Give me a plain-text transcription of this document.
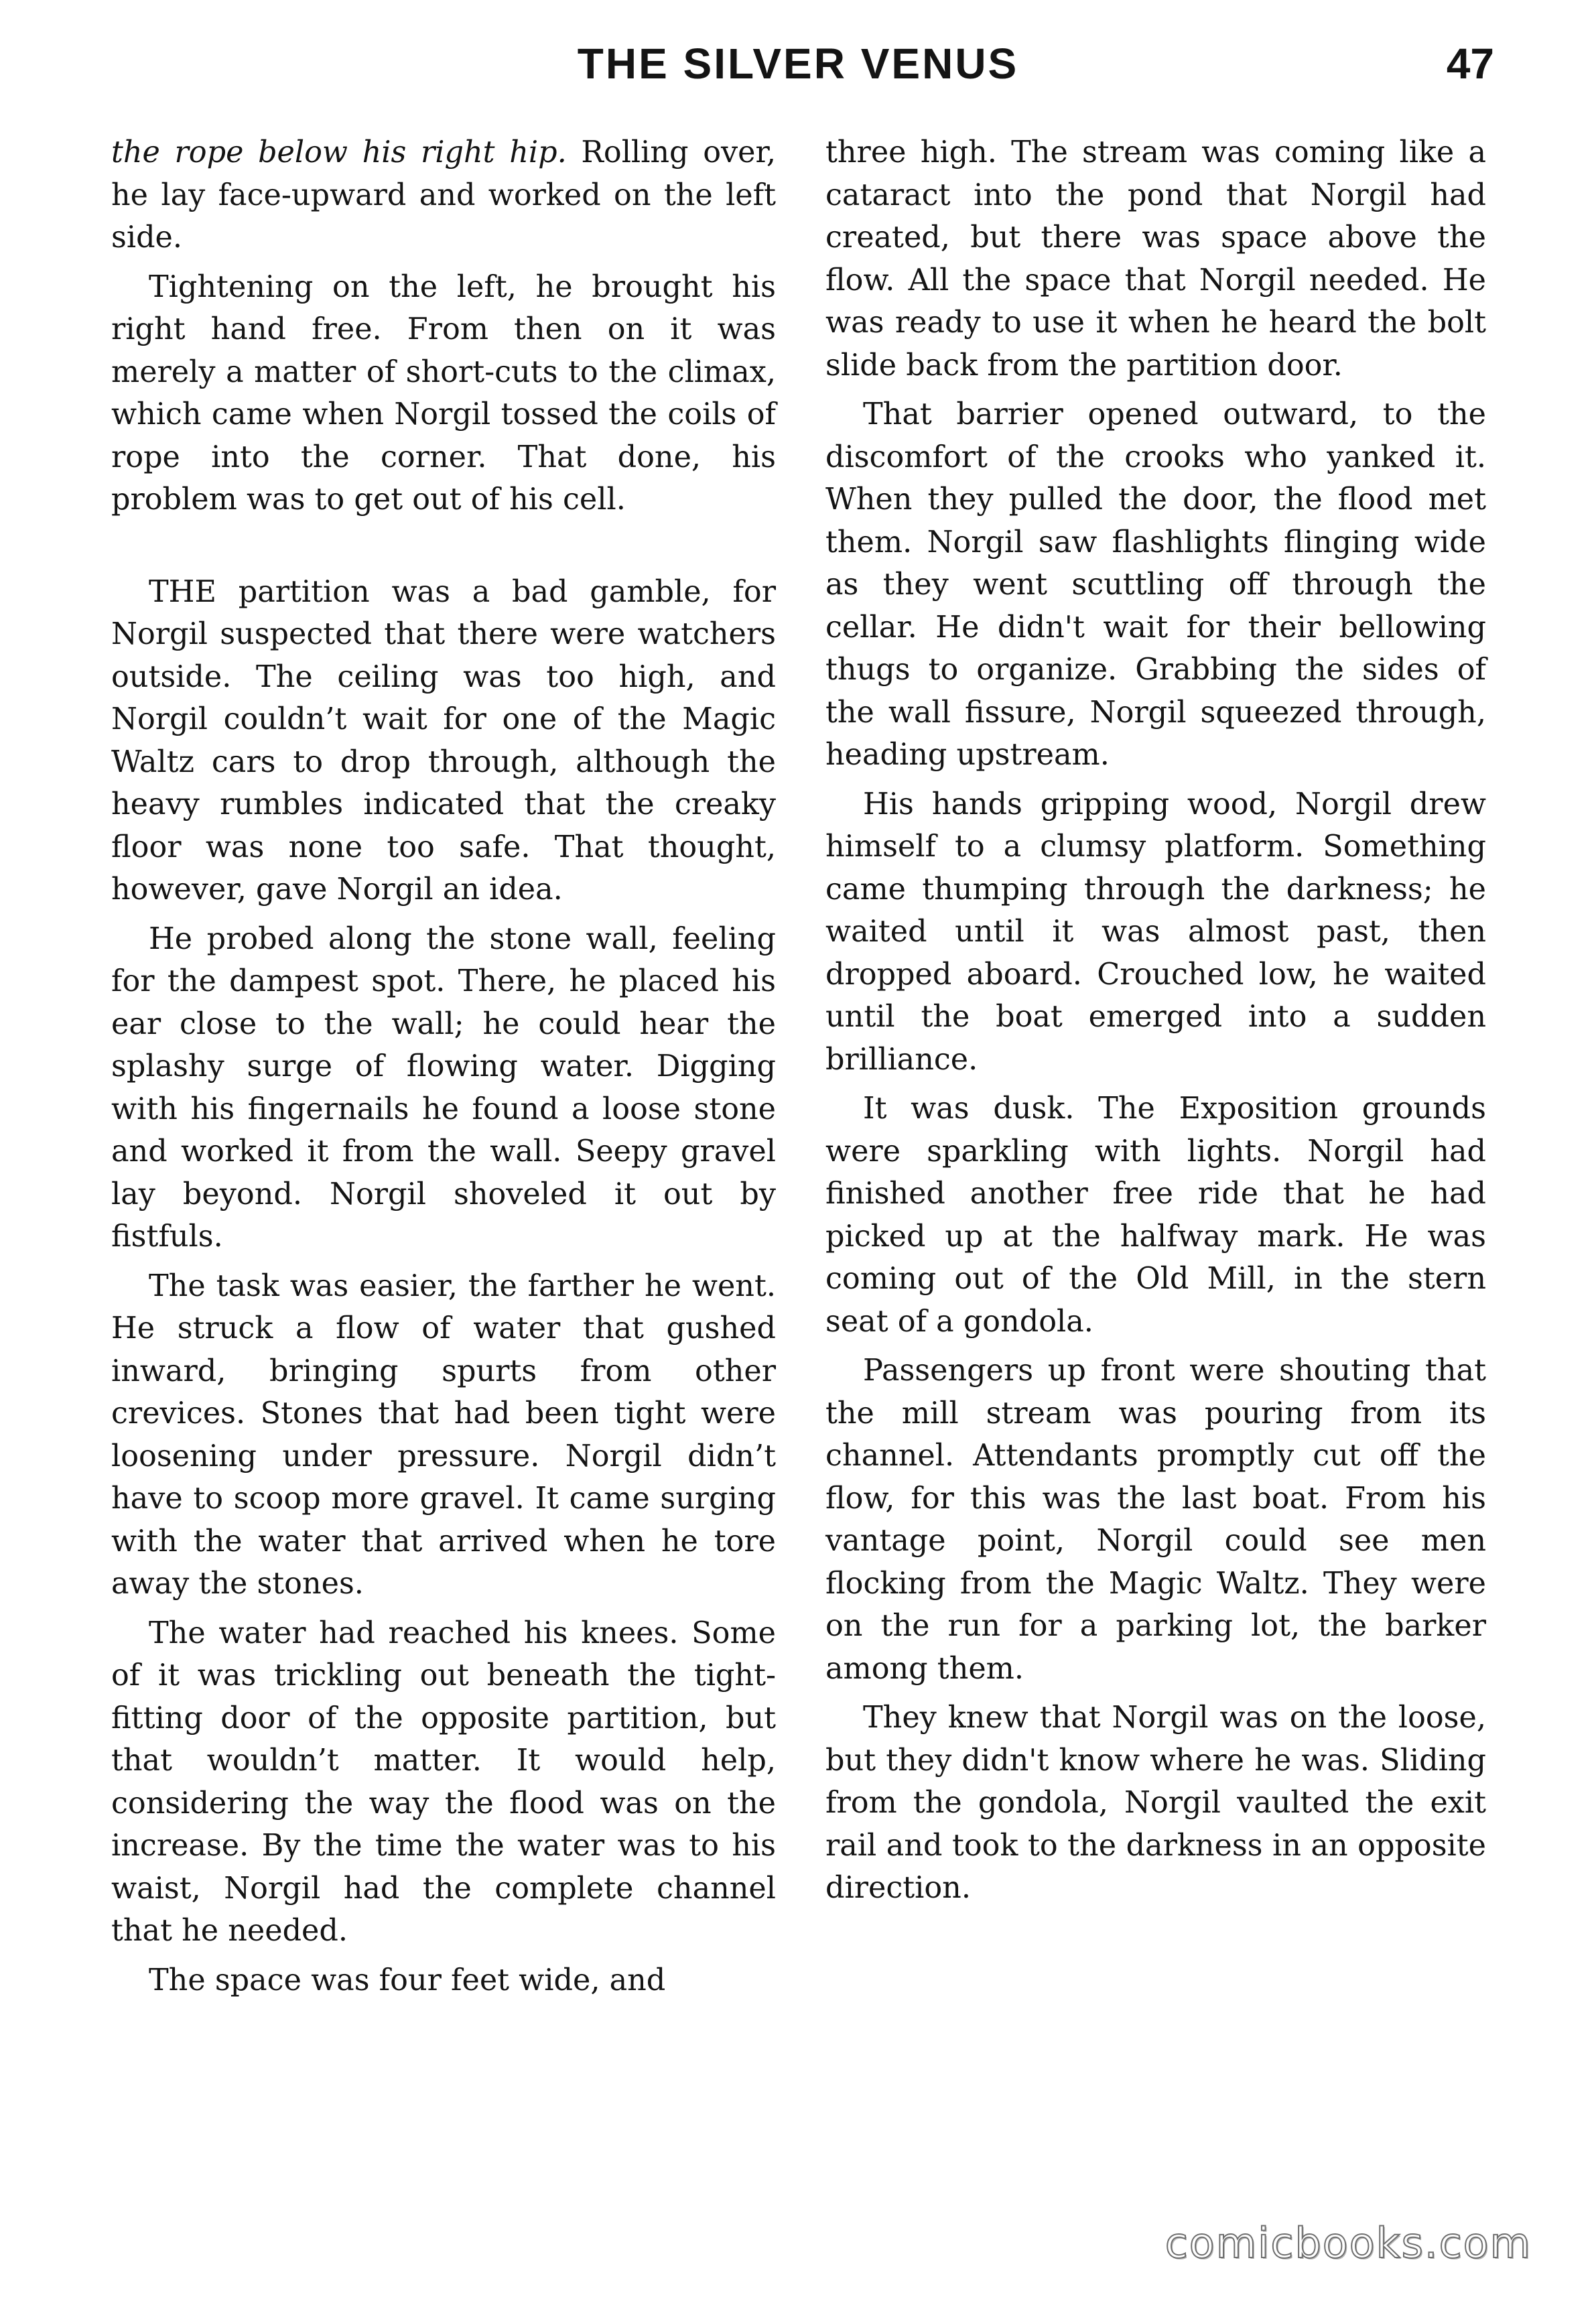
THE SILVER VENUS	47

the rope below his right hip. Rolling over, he lay face-upward and worked on the left side.

Tightening on the left, he brought his right hand free. From then on it was merely a matter of short-cuts to the climax, which came when Norgil tossed the coils of rope into the corner. That done, his problem was to get out of his cell.

THE partition was a bad gamble, for Norgil suspected that there were watchers outside. The ceiling was too high, and Norgil couldn’t wait for one of the Magic Waltz cars to drop through, although the heavy rumbles indicated that the creaky floor was none too safe. That thought, however, gave Norgil an idea.

He probed along the stone wall, feeling for the dampest spot. There, he placed his ear close to the wall; he could hear the splashy surge of flowing water. Digging with his fingernails he found a loose stone and worked it from the wall. Seepy gravel lay beyond. Norgil shoveled it out by fistfuls.

The task was easier, the farther he went. He struck a flow of water that gushed inward, bringing spurts from other crevices. Stones that had been tight were loosening under pressure. Norgil didn’t have to scoop more gravel. It came surging with the water that arrived when he tore away the stones.

The water had reached his knees. Some of it was trickling out beneath the tight-fitting door of the opposite partition, but that wouldn’t matter. It would help, considering the way the flood was on the increase. By the time the water was to his waist, Norgil had the complete channel that he needed.

The space was four feet wide, and

three high. The stream was coming like a cataract into the pond that Norgil had created, but there was space above the flow. All the space that Norgil needed. He was ready to use it when he heard the bolt slide back from the partition door.

That barrier opened outward, to the discomfort of the crooks who yanked it. When they pulled the door, the flood met them. Norgil saw flashlights flinging wide as they went scuttling off through the cellar. He didn't wait for their bellowing thugs to organize. Grabbing the sides of the wall fissure, Norgil squeezed through, heading upstream.

His hands gripping wood, Norgil drew himself to a clumsy platform. Something came thumping through the darkness; he waited until it was almost past, then dropped aboard. Crouched low, he waited until the boat emerged into a sudden brilliance.

It was dusk. The Exposition grounds were sparkling with lights. Norgil had finished another free ride that he had picked up at the halfway mark. He was coming out of the Old Mill, in the stern seat of a gondola.

Passengers up front were shouting that the mill stream was pouring from its channel. Attendants promptly cut off the flow, for this was the last boat. From his vantage point, Norgil could see men flocking from the Magic Waltz. They were on the run for a parking lot, the barker among them.

They knew that Norgil was on the loose, but they didn't know where he was. Sliding from the gondola, Norgil vaulted the exit rail and took to the darkness in an opposite direction.

comicbooks.com
